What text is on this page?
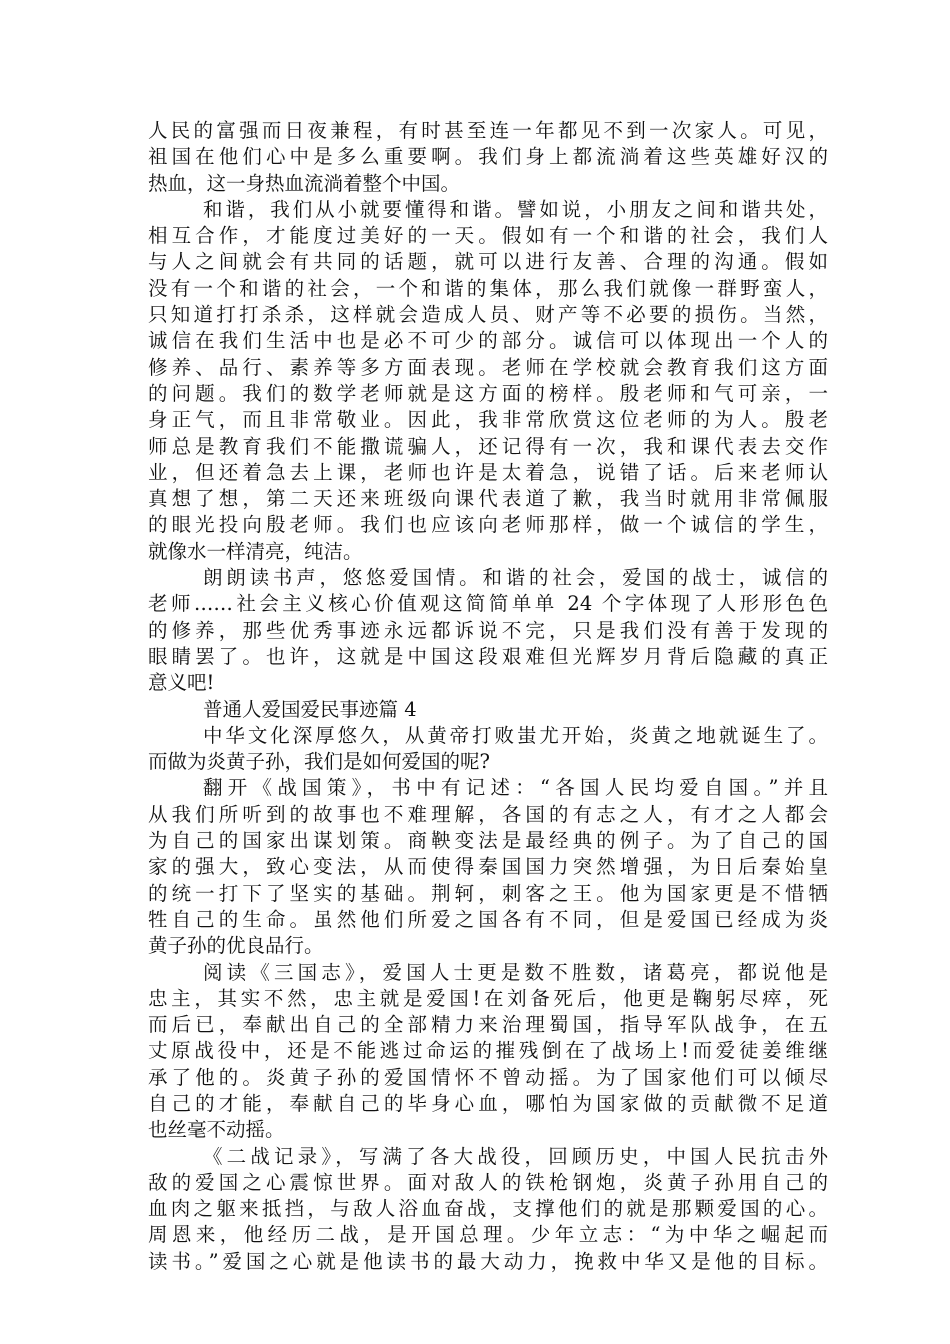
人民的富强而日夜兼程，有时甚至连一年都见不到一次家人。可见，
祖国在他们心中是多么重要啊。我们身上都流淌着这些英雄好汉的
热血，这一身热血流淌着整个中国。
和谐，我们从小就要懂得和谐。譬如说，小朋友之间和谐共处，
相互合作，才能度过美好的一天。假如有一个和谐的社会，我们人
与人之间就会有共同的话题，就可以进行友善、合理的沟通。假如
没有一个和谐的社会，一个和谐的集体，那么我们就像一群野蛮人，
只知道打打杀杀，这样就会造成人员、财产等不必要的损伤。当然，
诚信在我们生活中也是必不可少的部分。诚信可以体现出一个人的
修养、品行、素养等多方面表现。老师在学校就会教育我们这方面
的问题。我们的数学老师就是这方面的榜样。殷老师和气可亲，一
身正气，而且非常敬业。因此，我非常欣赏这位老师的为人。殷老
师总是教育我们不能撒谎骗人，还记得有一次，我和课代表去交作
业，但还着急去上课，老师也许是太着急，说错了话。后来老师认
真想了想，第二天还来班级向课代表道了歉，我当时就用非常佩服
的眼光投向殷老师。我们也应该向老师那样，做一个诚信的学生，
就像水一样清亮，纯洁。
朗朗读书声，悠悠爱国情。和谐的社会，爱国的战士，诚信的
老师……社会主义核心价值观这简简单单 24 个字体现了人形形色色
的修养，那些优秀事迹永远都诉说不完，只是我们没有善于发现的
眼睛罢了。也许，这就是中国这段艰难但光辉岁月背后隐藏的真正
意义吧!
普通人爱国爱民事迹篇 4
中华文化深厚悠久，从黄帝打败蚩尤开始，炎黄之地就诞生了。
而做为炎黄子孙，我们是如何爱国的呢?
翻开《战国策》，书中有记述：“各国人民均爱自国。”并且
从我们所听到的故事也不难理解，各国的有志之人，有才之人都会
为自己的国家出谋划策。商鞅变法是最经典的例子。为了自己的国
家的强大，致心变法，从而使得秦国国力突然增强，为日后秦始皇
的统一打下了坚实的基础。荆轲，刺客之王。他为国家更是不惜牺
牲自己的生命。虽然他们所爱之国各有不同，但是爱国已经成为炎
黄子孙的优良品行。
阅读《三国志》，爱国人士更是数不胜数，诸葛亮，都说他是
忠主，其实不然，忠主就是爱国!在刘备死后，他更是鞠躬尽瘁，死
而后已，奉献出自己的全部精力来治理蜀国，指导军队战争，在五
丈原战役中，还是不能逃过命运的摧残倒在了战场上!而爱徒姜维继
承了他的。炎黄子孙的爱国情怀不曾动摇。为了国家他们可以倾尽
自己的才能，奉献自己的毕身心血，哪怕为国家做的贡献微不足道
也丝毫不动摇。
《二战记录》，写满了各大战役，回顾历史，中国人民抗击外
敌的爱国之心震惊世界。面对敌人的铁枪钢炮，炎黄子孙用自己的
血肉之躯来抵挡，与敌人浴血奋战，支撑他们的就是那颗爱国的心。
周恩来，他经历二战，是开国总理。少年立志：“为中华之崛起而
读书。”爱国之心就是他读书的最大动力，挽救中华又是他的目标。
